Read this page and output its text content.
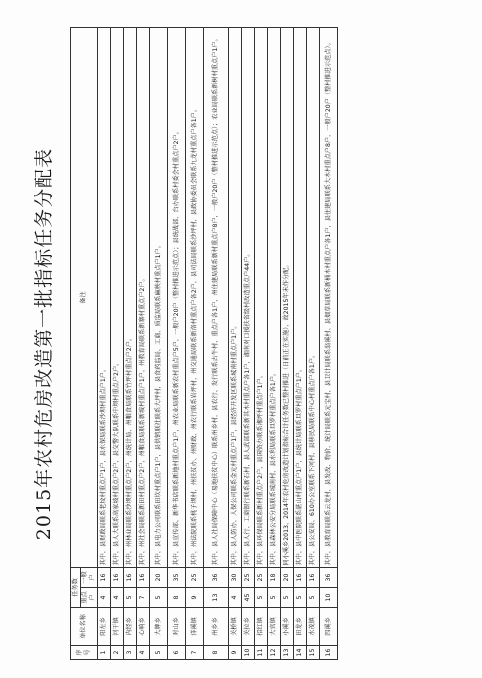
2015年农村危房改造第一批指标任务分配表
序号	单位名称	任务数		备注
		重点户	一般户	
1	阳左乡	4	16	其中，县财政局联系老坟村重点户1户，县水保局联系沙坝村重点户1户。
2	河干镇	4	16	其中，县人大联系高家坡村重点户2户，县交警大队联系中坝村重点户2户。
3	内经乡	5	16	其中，州林业局联系沙坝村重点户2户，州统计局、州粮食局联系竹坪村重点户2户。
4	心响乡	7	16	其中，州社会局联系新田村重点户2户，州粮食局联系新坡村重点户1户，州教育局联系新寨村重点户2户。
5	大牌乡	5	20	其中，县电力公司联系田坎村重点户1户，县供销联社联系大坪村，县食药监局、工商、质监局联系麻秧村重点户1户。
6	对山乡	8	35	其中，县宣传部、新华书店联系新地村重点户1户，州农业局联系新农村重点户5户，一般户20户（整村推进示范点）；县统战部、台办联系村委会村重点户2户。
7	洋溪镇	9	25	其中，州法院联系桃子坝村，州扶贫办、州财政、州农行联系岩坪村，州交通局联系新洛村重点户各2户，县司法局联系沙坪村，县政协委员会联系九龙村重点户各1户。
8	州乡乡	13	36	其中，县人社局保障中心（易地扶贫中心）联系州乡村，县农行、发行联系古牛村，重点户各1户，州住建局联系新村重点户8户，一般户20户（整村推进示范点）；农业局联系新树村重点户1户。
9	关桥镇	4	30	其中，县人防办、人保公司联系金元村重点户1户，县经济开发区联系城南村重点户1户。
10	关拉乡	45	25	其中，县人行、工商银行联系新石村，县人武部联系新其木村重点户各1户，湖南对口援扶省级村改造重点户44户。
11	招红镇	5	25	其中，县环保局联系新村重点户2户，县国资办联系湘坪村重点户1户。
12	大官镇	5	18	其中，县森林公安分局联系城南村、县水利局联系旦罗村重点户各1户。
13	小溪乡	5	20	同小溪乡2013、2014年农村危房改造计划指标合计任务数已整村推进（日前正在实施），故2015年未作分配。
14	田龙乡	5	16	其中，县中医院联系湛山村重点户1户，县统计局联系旦罗村重点户1户。
15	水茂镇	5	16	其中，县公安局、610办公室联系下河村，县移民局联系中心村重点户各1户。
16	四溪乡	10	36	其中，县教育局联系云龙村，县发改、物价、统计局联系元宝村，县卫计局联系翁溪村、县烟草局联系新桶木村重点户各1户，县住建局联系大木村重点户8户，一般户20户（整村推进示范点）。
